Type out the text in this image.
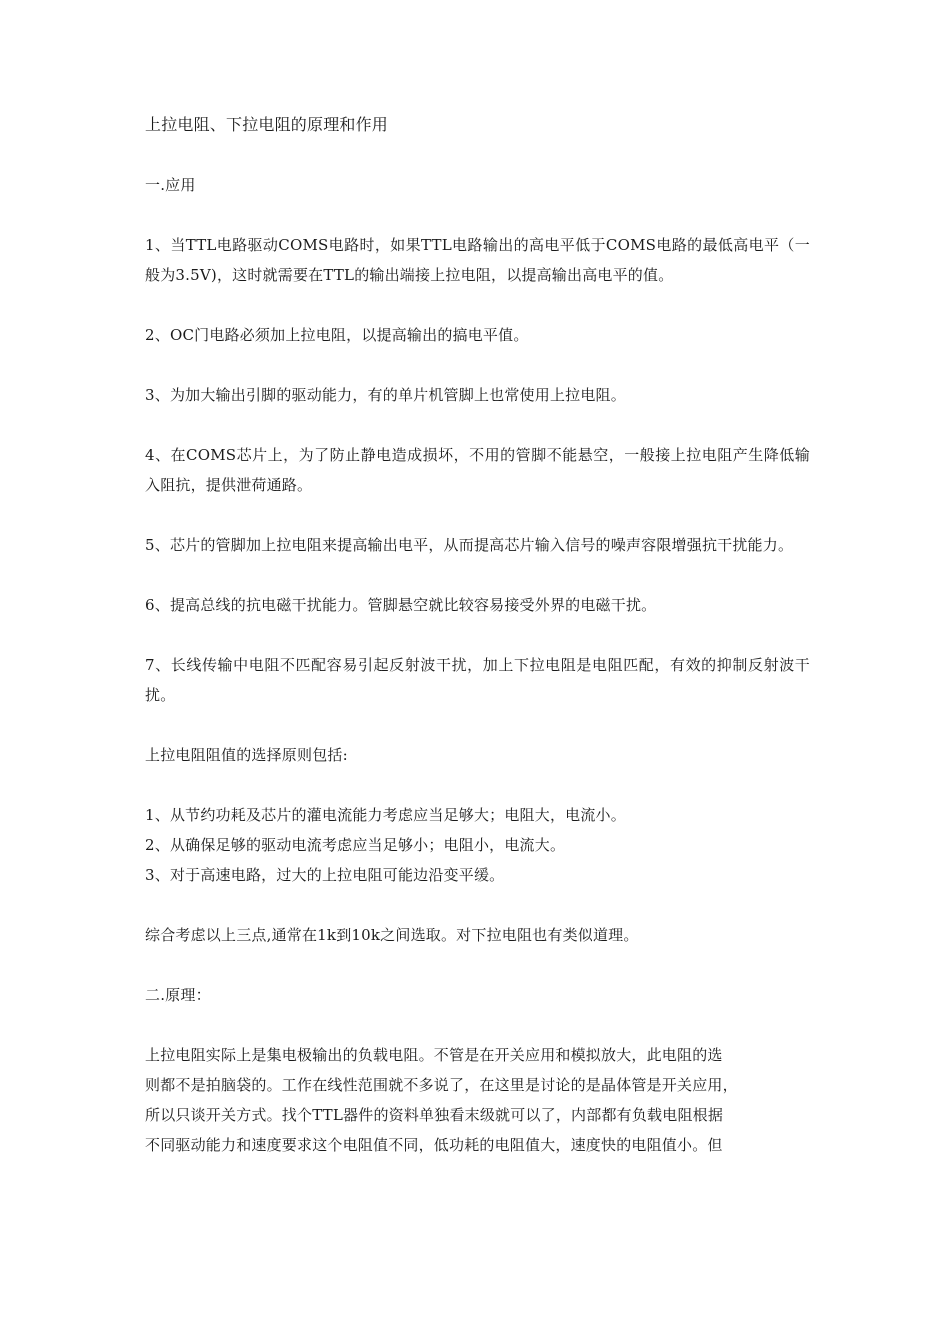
上拉电阻、下拉电阻的原理和作用
一.应用
1、当TTL电路驱动COMS电路时，如果TTL电路输出的高电平低于COMS电路的最低高电平（一般为3.5V)，这时就需要在TTL的输出端接上拉电阻，以提高输出高电平的值。
2、OC门电路必须加上拉电阻，以提高输出的搞电平值。
3、为加大输出引脚的驱动能力，有的单片机管脚上也常使用上拉电阻。
4、在COMS芯片上，为了防止静电造成损坏，不用的管脚不能悬空，一般接上拉电阻产生降低输入阻抗，提供泄荷通路。
5、芯片的管脚加上拉电阻来提高输出电平，从而提高芯片输入信号的噪声容限增强抗干扰能力。
6、提高总线的抗电磁干扰能力。管脚悬空就比较容易接受外界的电磁干扰。
7、长线传输中电阻不匹配容易引起反射波干扰，加上下拉电阻是电阻匹配，有效的抑制反射波干扰。
上拉电阻阻值的选择原则包括:
1、从节约功耗及芯片的灌电流能力考虑应当足够大；电阻大，电流小。
2、从确保足够的驱动电流考虑应当足够小；电阻小，电流大。
3、对于高速电路，过大的上拉电阻可能边沿变平缓。
综合考虑以上三点,通常在1k到10k之间选取。对下拉电阻也有类似道理。
二.原理：
上拉电阻实际上是集电极输出的负载电阻。不管是在开关应用和模拟放大，此电阻的选
则都不是拍脑袋的。工作在线性范围就不多说了，在这里是讨论的是晶体管是开关应用，
所以只谈开关方式。找个TTL器件的资料单独看末级就可以了，内部都有负载电阻根据
不同驱动能力和速度要求这个电阻值不同，低功耗的电阻值大，速度快的电阻值小。但
